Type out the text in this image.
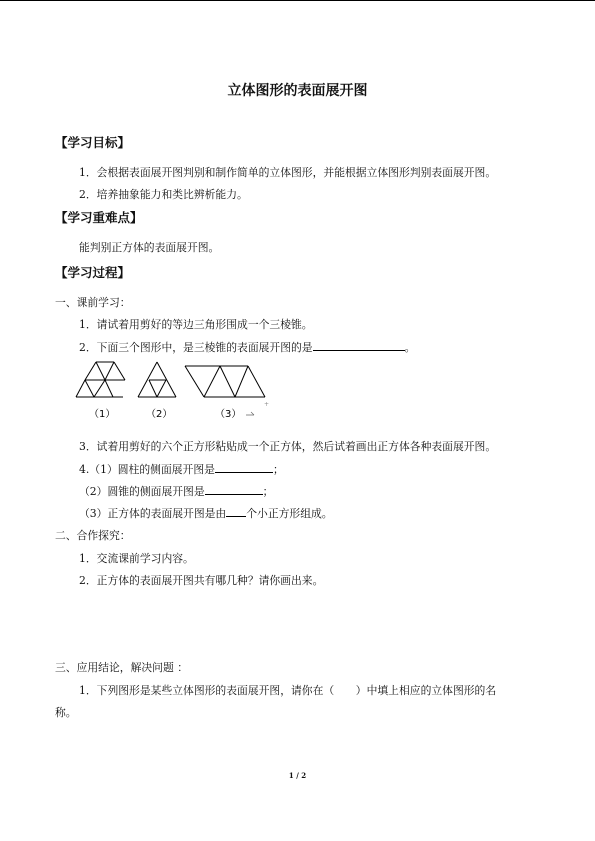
立体图形的表面展开图
【学习目标】
1．会根据表面展开图判别和制作简单的立体图形，并能根据立体图形判别表面展开图。
2．培养抽象能力和类比辨析能力。
【学习重难点】
能判别正方体的表面展开图。
【学习过程】
一、课前学习：
1．请试着用剪好的等边三角形围成一个三棱锥。
2．下面三个图形中，是三棱锥的表面展开图的是	。
（1）	（2）	（3）
+
3．试着用剪好的六个正方形粘贴成一个正方体，然后试着画出正方体各种表面展开图。
4.（1）圆柱的侧面展开图是	；
（2）圆锥的侧面展开图是	；
（3）正方体的表面展开图是由 个小正方形组成。
二、合作探究：
1．交流课前学习内容。
2．正方体的表面展开图共有哪几种？请你画出来。
三、应用结论，解决问题 ：
1．下列图形是某些立体图形的表面展开图，请你在（　　）中填上相应的立体图形的名
称。
1 / 2
